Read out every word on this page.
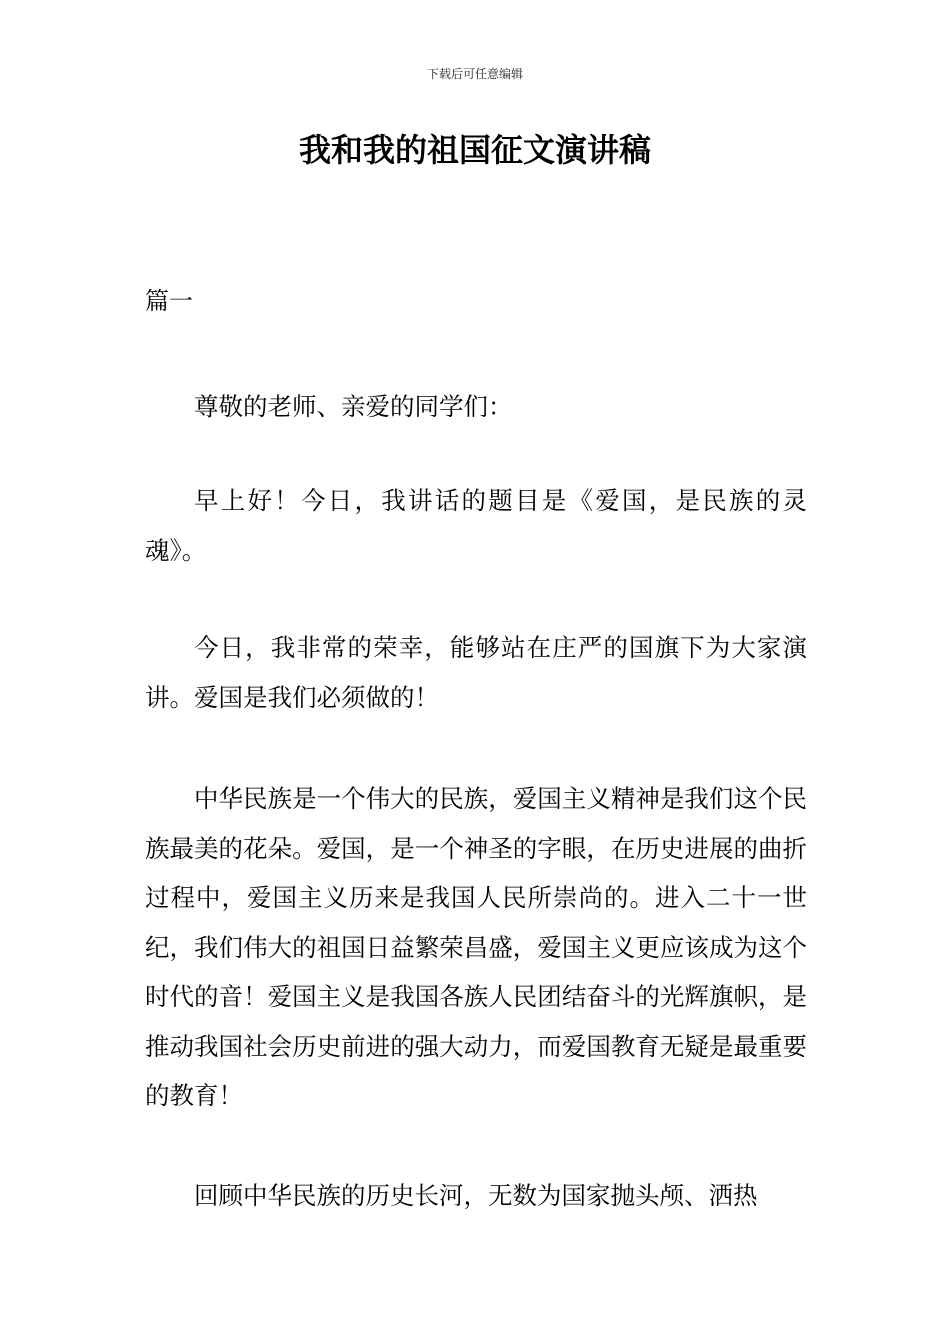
下载后可任意编辑
我和我的祖国征文演讲稿
篇一

尊敬的老师、亲爱的同学们：

早上好！今日，我讲话的题目是《爱国，是民族的灵魂》。

今日，我非常的荣幸，能够站在庄严的国旗下为大家演讲。爱国是我们必须做的！

中华民族是一个伟大的民族，爱国主义精神是我们这个民族最美的花朵。爱国，是一个神圣的字眼，在历史进展的曲折过程中，爱国主义历来是我国人民所崇尚的。进入二十一世纪，我们伟大的祖国日益繁荣昌盛，爱国主义更应该成为这个时代的音！爱国主义是我国各族人民团结奋斗的光辉旗帜，是推动我国社会历史前进的强大动力，而爱国教育无疑是最重要的教育！

回顾中华民族的历史长河，无数为国家抛头颅、洒热
